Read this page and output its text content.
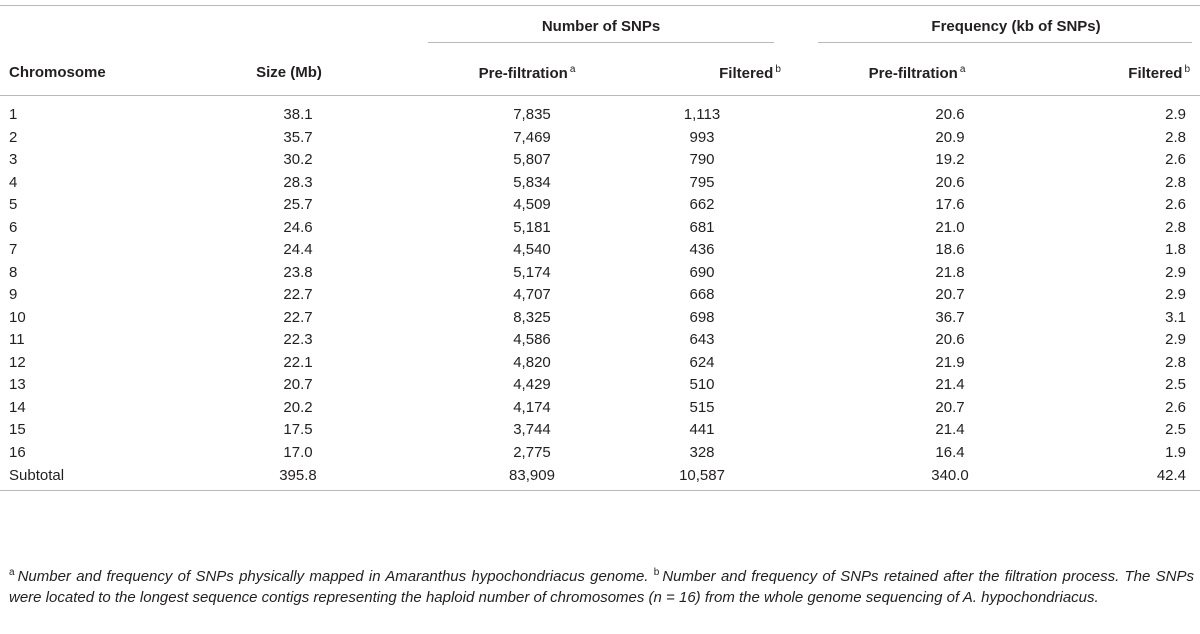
		Number of SNPs		Frequency (kb of SNPs)	

Chromosome	Size (Mb)	Pre-filtration $^a$	Filtered $^b$	Pre-filtration $^a$	Filtered $^b$
1	38.1	7,835	1,113	20.6	2.9
2	35.7	7,469	993	20.9	2.8
3	30.2	5,807	790	19.2	2.6
4	28.3	5,834	795	20.6	2.8
5	25.7	4,509	662	17.6	2.6
6	24.6	5,181	681	21.0	2.8
7	24.4	4,540	436	18.6	1.8
8	23.8	5,174	690	21.8	2.9
9	22.7	4,707	668	20.7	2.9
10	22.7	8,325	698	36.7	3.1
11	22.3	4,586	643	20.6	2.9
12	22.1	4,820	624	21.9	2.8
13	20.7	4,429	510	21.4	2.5
14	20.2	4,174	515	20.7	2.6
15	17.5	3,744	441	21.4	2.5
16	17.0	2,775	328	16.4	1.9
Subtotal	395.8	83,909	10,587	340.0	42.4
$^a$ Number and frequency of SNPs physically mapped in Amaranthus hypochondriacus genome. $^b$ Number and frequency of SNPs retained after the filtration process. The SNPs were located to the longest sequence contigs representing the haploid number of chromosomes (n = 16) from the whole genome sequencing of A. hypochondriacus.
